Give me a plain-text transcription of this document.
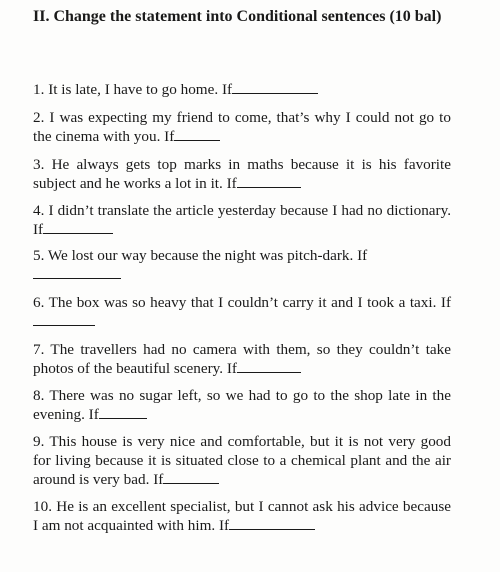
II. Change the statement into Conditional sentences (10 bal)
1. It is late, I have to go home. If
2. I was expecting my friend to come, that’s why I could not go to the cinema with you. If
3. He always gets top marks in maths because it is his favorite subject and he works a lot in it. If
4. I didn’t translate the article yesterday because I had no dictionary. If
5. We lost our way because the night was pitch-dark. If

6. The box was so heavy that I couldn’t carry it and I took a taxi. If
7. The travellers had no camera with them, so they couldn’t take photos of the beautiful scenery. If
8. There was no sugar left, so we had to go to the shop late in the evening. If
9. This house is very nice and comfortable, but it is not very good for living because it is situated close to a chemical plant and the air around is very bad. If
10. He is an excellent specialist, but I cannot ask his advice because I am not acquainted with him. If
